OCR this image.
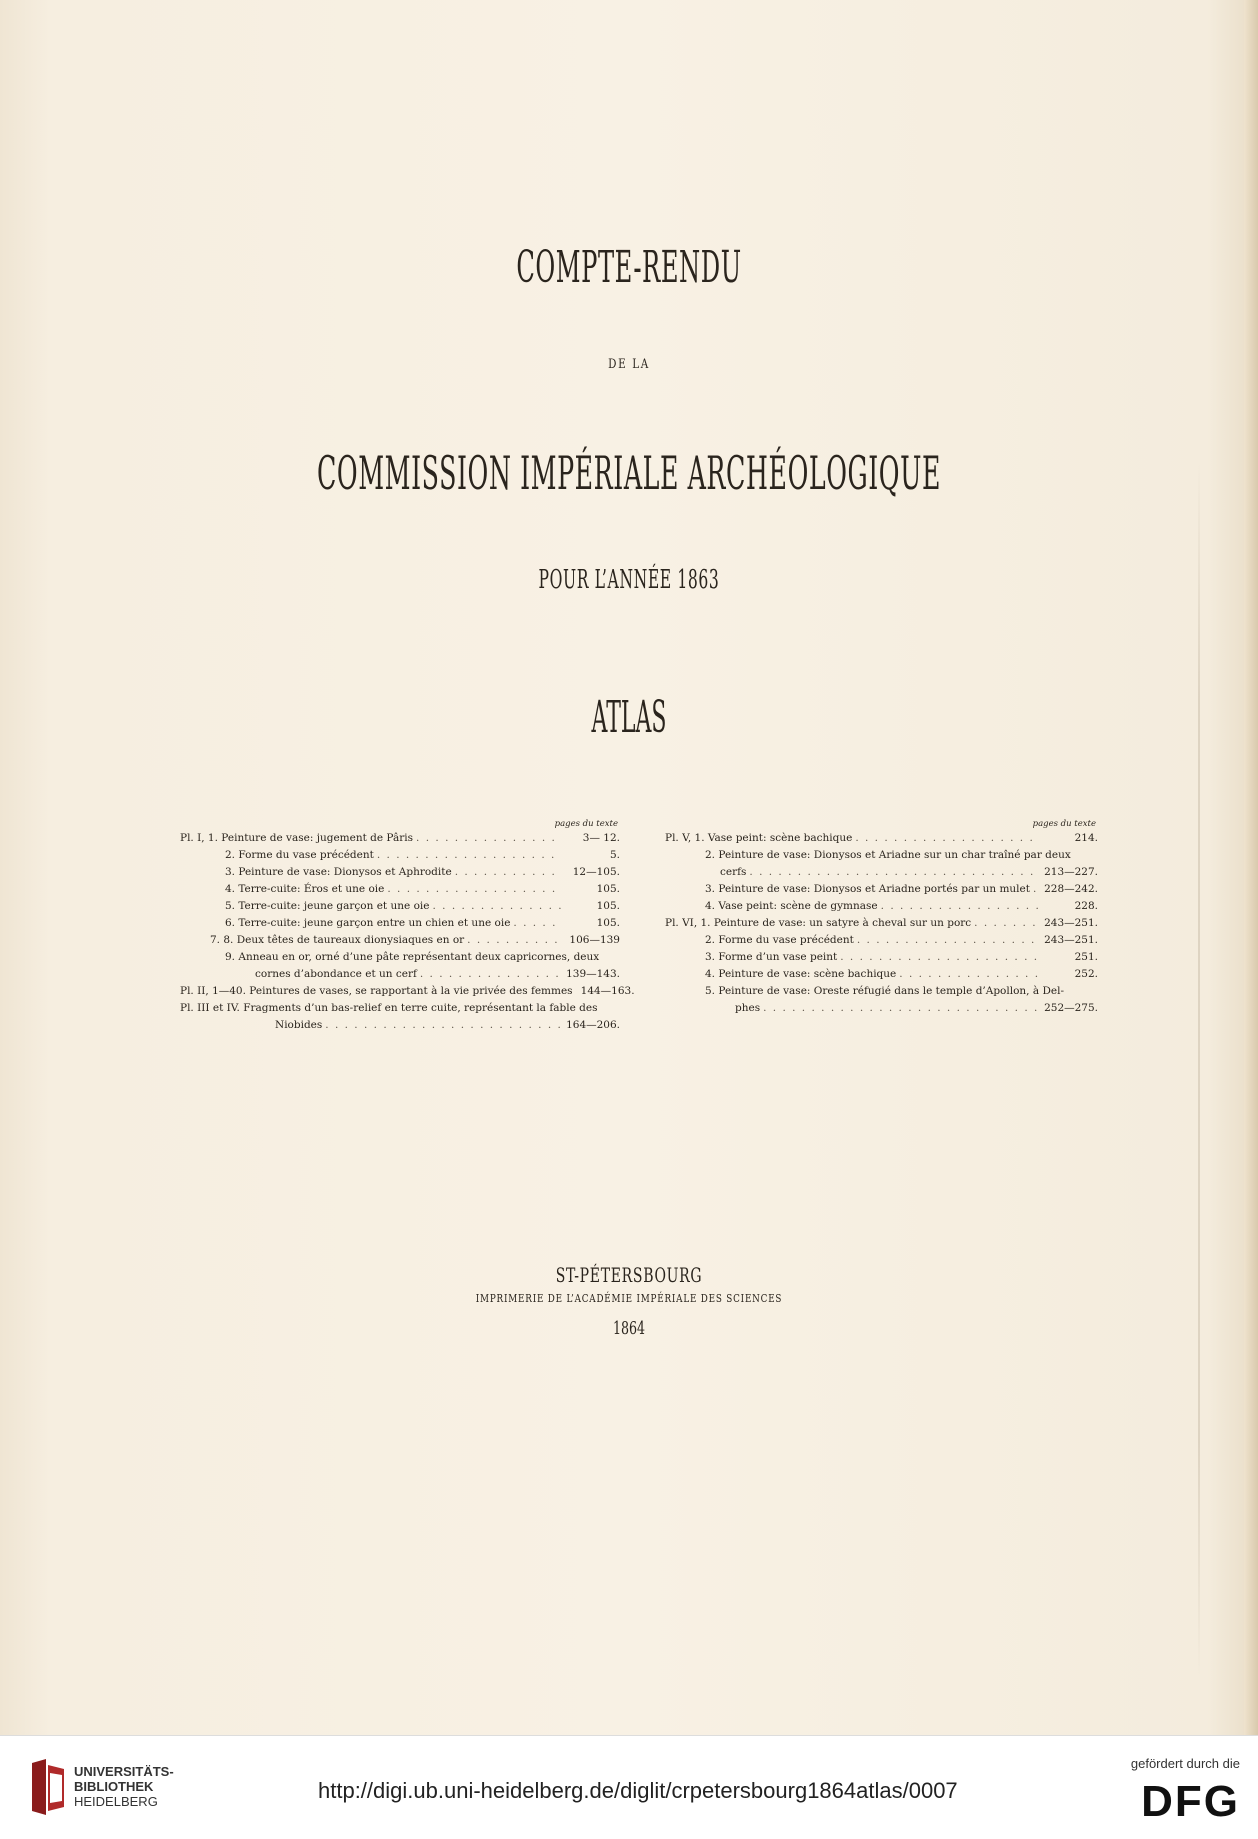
COMPTE-RENDU
DE LA
COMMISSION IMPÉRIALE ARCHÉOLOGIQUE
POUR L’ANNÉE 1863
ATLAS
pages du texte
Pl. I, 1. Peinture de vase: jugement de Pâris . . .	3— 12.
2. Forme du vase précédent . . .	5.
3. Peinture de vase: Dionysos et Aphrodite . . .	12—105.
4. Terre-cuite: Éros et une oie . . .	105.
5. Terre-cuite: jeune garçon et une oie . . .	105.
6. Terre-cuite: jeune garçon entre un chien et une oie . . .	105.
7. 8. Deux têtes de taureaux dionysiaques en or . . .	106—139
9. Anneau en or, orné d’une pâte représentant deux capricornes, deux
cornes d’abondance et un cerf . . .	139—143.
Pl. II, 1—40. Peintures de vases, se rapportant à la vie privée des femmes 144—163.
Pl. III et IV. Fragments d’un bas-relief en terre cuite, représentant la fable des
Niobides . . .	164—206.
pages du texte
Pl. V, 1. Vase peint: scène bachique . . .	214.
2. Peinture de vase: Dionysos et Ariadne sur un char traîné par deux
cerfs . . .	213—227.
3. Peinture de vase: Dionysos et Ariadne portés par un mulet . . . 228—242.
4. Vase peint: scène de gymnase . . .	228.
Pl. VI, 1. Peinture de vase: un satyre à cheval sur un porc . . .	243—251.
2. Forme du vase précédent . . .	243—251.
3. Forme d’un vase peint . . .	251.
4. Peinture de vase: scène bachique . . .	252.
5. Peinture de vase: Oreste réfugié dans le temple d’Apollon, à Del-
phes . . .	252—275.
ST-PÉTERSBOURG
IMPRIMERIE DE L’ACADÉMIE IMPÉRIALE DES SCIENCES
1864
UNIVERSITÄTS-
BIBLIOTHEK
HEIDELBERG	http://digi.ub.uni-heidelberg.de/diglit/crpetersbourg1864atlas/0007
gefördert durch die
DFG
